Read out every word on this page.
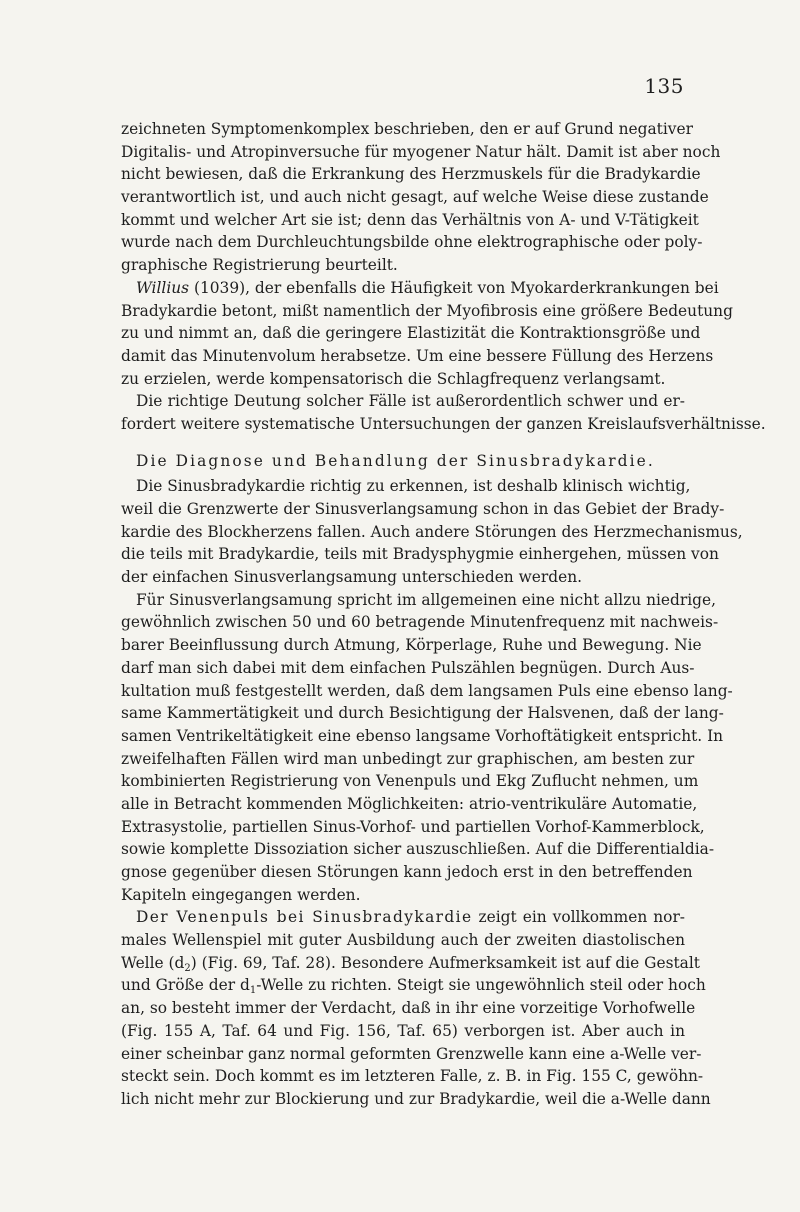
135
zeichneten Symptomenkomplex beschrieben, den er auf Grund negativer
Digitalis- und Atropinversuche für myogener Natur hält. Damit ist aber noch
nicht bewiesen, daß die Erkrankung des Herzmuskels für die Bradykardie
verantwortlich ist, und auch nicht gesagt, auf welche Weise diese zustande
kommt und welcher Art sie ist; denn das Verhältnis von A- und V-Tätigkeit
wurde nach dem Durchleuchtungsbilde ohne elektrographische oder poly-
graphische Registrierung beurteilt.
Willius (1039), der ebenfalls die Häufigkeit von Myokarderkrankungen bei
Bradykardie betont, mißt namentlich der Myofibrosis eine größere Bedeutung
zu und nimmt an, daß die geringere Elastizität die Kontraktionsgröße und
damit das Minutenvolum herabsetze. Um eine bessere Füllung des Herzens
zu erzielen, werde kompensatorisch die Schlagfrequenz verlangsamt.
Die richtige Deutung solcher Fälle ist außerordentlich schwer und er-
fordert weitere systematische Untersuchungen der ganzen Kreislaufsverhältnisse.
Die Diagnose und Behandlung der Sinusbradykardie.
Die Sinusbradykardie richtig zu erkennen, ist deshalb klinisch wichtig,
weil die Grenzwerte der Sinusverlangsamung schon in das Gebiet der Brady-
kardie des Blockherzens fallen. Auch andere Störungen des Herzmechanismus,
die teils mit Bradykardie, teils mit Bradysphygmie einhergehen, müssen von
der einfachen Sinusverlangsamung unterschieden werden.
Für Sinusverlangsamung spricht im allgemeinen eine nicht allzu niedrige,
gewöhnlich zwischen 50 und 60 betragende Minutenfrequenz mit nachweis-
barer Beeinflussung durch Atmung, Körperlage, Ruhe und Bewegung. Nie
darf man sich dabei mit dem einfachen Pulszählen begnügen. Durch Aus-
kultation muß festgestellt werden, daß dem langsamen Puls eine ebenso lang-
same Kammertätigkeit und durch Besichtigung der Halsvenen, daß der lang-
samen Ventrikeltätigkeit eine ebenso langsame Vorhoftätigkeit entspricht. In
zweifelhaften Fällen wird man unbedingt zur graphischen, am besten zur
kombinierten Registrierung von Venenpuls und Ekg Zuflucht nehmen, um
alle in Betracht kommenden Möglichkeiten: atrio-ventrikuläre Automatie,
Extrasystolie, partiellen Sinus-Vorhof- und partiellen Vorhof-Kammerblock,
sowie komplette Dissoziation sicher auszuschließen. Auf die Differentialdia-
gnose gegenüber diesen Störungen kann jedoch erst in den betreffenden
Kapiteln eingegangen werden.
Der Venenpuls bei Sinusbradykardie zeigt ein vollkommen nor-
males Wellenspiel mit guter Ausbildung auch der zweiten diastolischen
Welle $(d_2)$ (Fig. 69, Taf. 28). Besondere Aufmerksamkeit ist auf die Gestalt
und Größe der $d_1$-Welle zu richten. Steigt sie ungewöhnlich steil oder hoch
an, so besteht immer der Verdacht, daß in ihr eine vorzeitige Vorhofwelle
(Fig. 155 A, Taf. 64 und Fig. 156, Taf. 65) verborgen ist. Aber auch in
einer scheinbar ganz normal geformten Grenzwelle kann eine a-Welle ver-
steckt sein. Doch kommt es im letzteren Falle, z. B. in Fig. 155 C, gewöhn-
lich nicht mehr zur Blockierung und zur Bradykardie, weil die a-Welle dann
